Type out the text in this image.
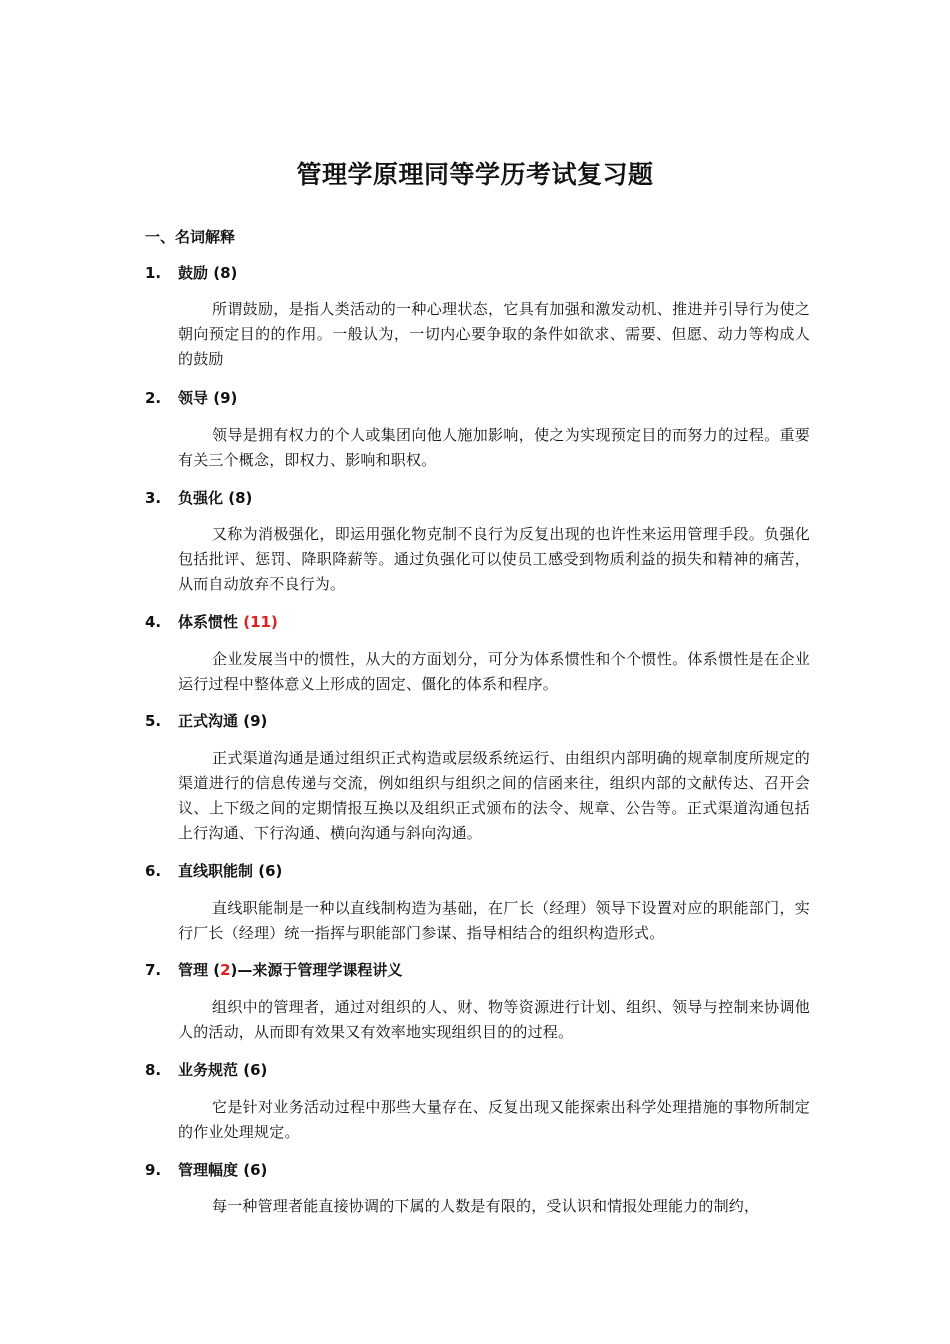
管理学原理同等学历考试复习题
一、名词解释
1. 鼓励 (8)
所谓鼓励，是指人类活动的一种心理状态，它具有加强和激发动机、推进并引导行为使之朝向预定目的的作用。一般认为，一切内心要争取的条件如欲求、需要、但愿、动力等构成人的鼓励
2. 领导 (9)
领导是拥有权力的个人或集团向他人施加影响，使之为实现预定目的而努力的过程。重要有关三个概念，即权力、影响和职权。
3. 负强化 (8)
又称为消极强化，即运用强化物克制不良行为反复出现的也许性来运用管理手段。负强化包括批评、惩罚、降职降薪等。通过负强化可以使员工感受到物质利益的损失和精神的痛苦，从而自动放弃不良行为。
4. 体系惯性 (11)
企业发展当中的惯性，从大的方面划分，可分为体系惯性和个个惯性。体系惯性是在企业运行过程中整体意义上形成的固定、僵化的体系和程序。
5. 正式沟通 (9)
正式渠道沟通是通过组织正式构造或层级系统运行、由组织内部明确的规章制度所规定的渠道进行的信息传递与交流，例如组织与组织之间的信函来往，组织内部的文献传达、召开会议、上下级之间的定期情报互换以及组织正式颁布的法令、规章、公告等。正式渠道沟通包括上行沟通、下行沟通、横向沟通与斜向沟通。
6. 直线职能制 (6)
直线职能制是一种以直线制构造为基础，在厂长（经理）领导下设置对应的职能部门，实行厂长（经理）统一指挥与职能部门参谋、指导相结合的组织构造形式。
7. 管理 (2)—来源于管理学课程讲义
组织中的管理者，通过对组织的人、财、物等资源进行计划、组织、领导与控制来协调他人的活动，从而即有效果又有效率地实现组织目的的过程。
8. 业务规范 (6)
它是针对业务活动过程中那些大量存在、反复出现又能探索出科学处理措施的事物所制定的作业处理规定。
9. 管理幅度 (6)
每一种管理者能直接协调的下属的人数是有限的，受认识和情报处理能力的制约，
